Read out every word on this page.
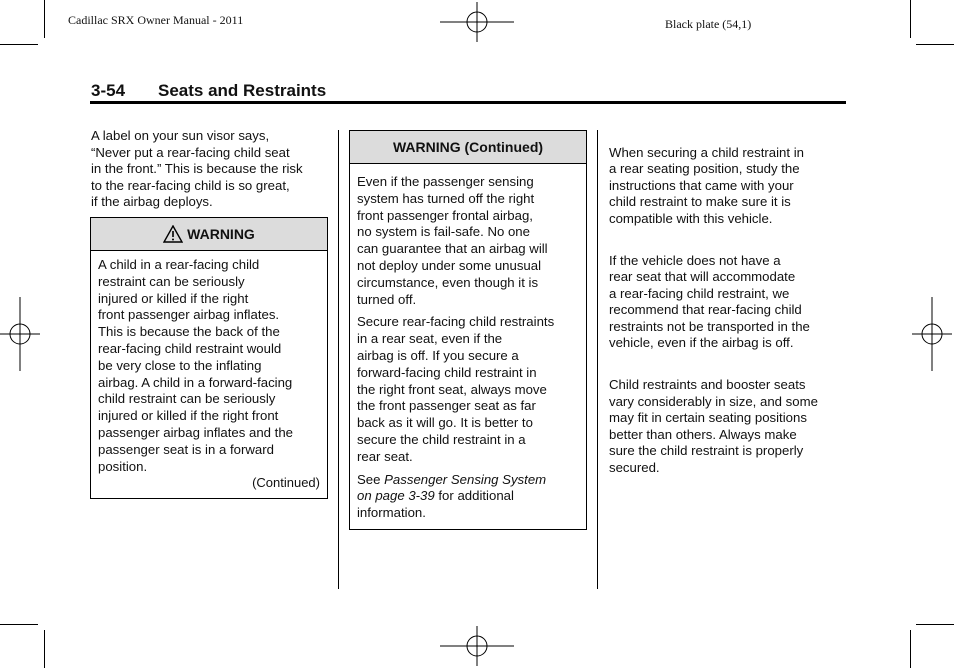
Cadillac SRX Owner Manual - 2011	Black plate (54,1)
3-54 Seats and Restraints
A label on your sun visor says,
“Never put a rear-facing child seat
in the front.” This is because the risk
to the rear-facing child is so great,
if the airbag deploys.
WARNING

A child in a rear-facing child
restraint can be seriously
injured or killed if the right
front passenger airbag inflates.
This is because the back of the
rear-facing child restraint would
be very close to the inflating
airbag. A child in a forward-facing
child restraint can be seriously
injured or killed if the right front
passenger airbag inflates and the
passenger seat is in a forward
position.

(Continued)
WARNING (Continued)

Even if the passenger sensing
system has turned off the right
front passenger frontal airbag,
no system is fail-safe. No one
can guarantee that an airbag will
not deploy under some unusual
circumstance, even though it is
turned off.

Secure rear-facing child restraints
in a rear seat, even if the
airbag is off. If you secure a
forward-facing child restraint in
the right front seat, always move
the front passenger seat as far
back as it will go. It is better to
secure the child restraint in a
rear seat.

See Passenger Sensing System
on page 3-39 for additional
information.

When securing a child restraint in
a rear seating position, study the
instructions that came with your
child restraint to make sure it is
compatible with this vehicle.

If the vehicle does not have a
rear seat that will accommodate
a rear-facing child restraint, we
recommend that rear-facing child
restraints not be transported in the
vehicle, even if the airbag is off.

Child restraints and booster seats
vary considerably in size, and some
may fit in certain seating positions
better than others. Always make
sure the child restraint is properly
secured.
